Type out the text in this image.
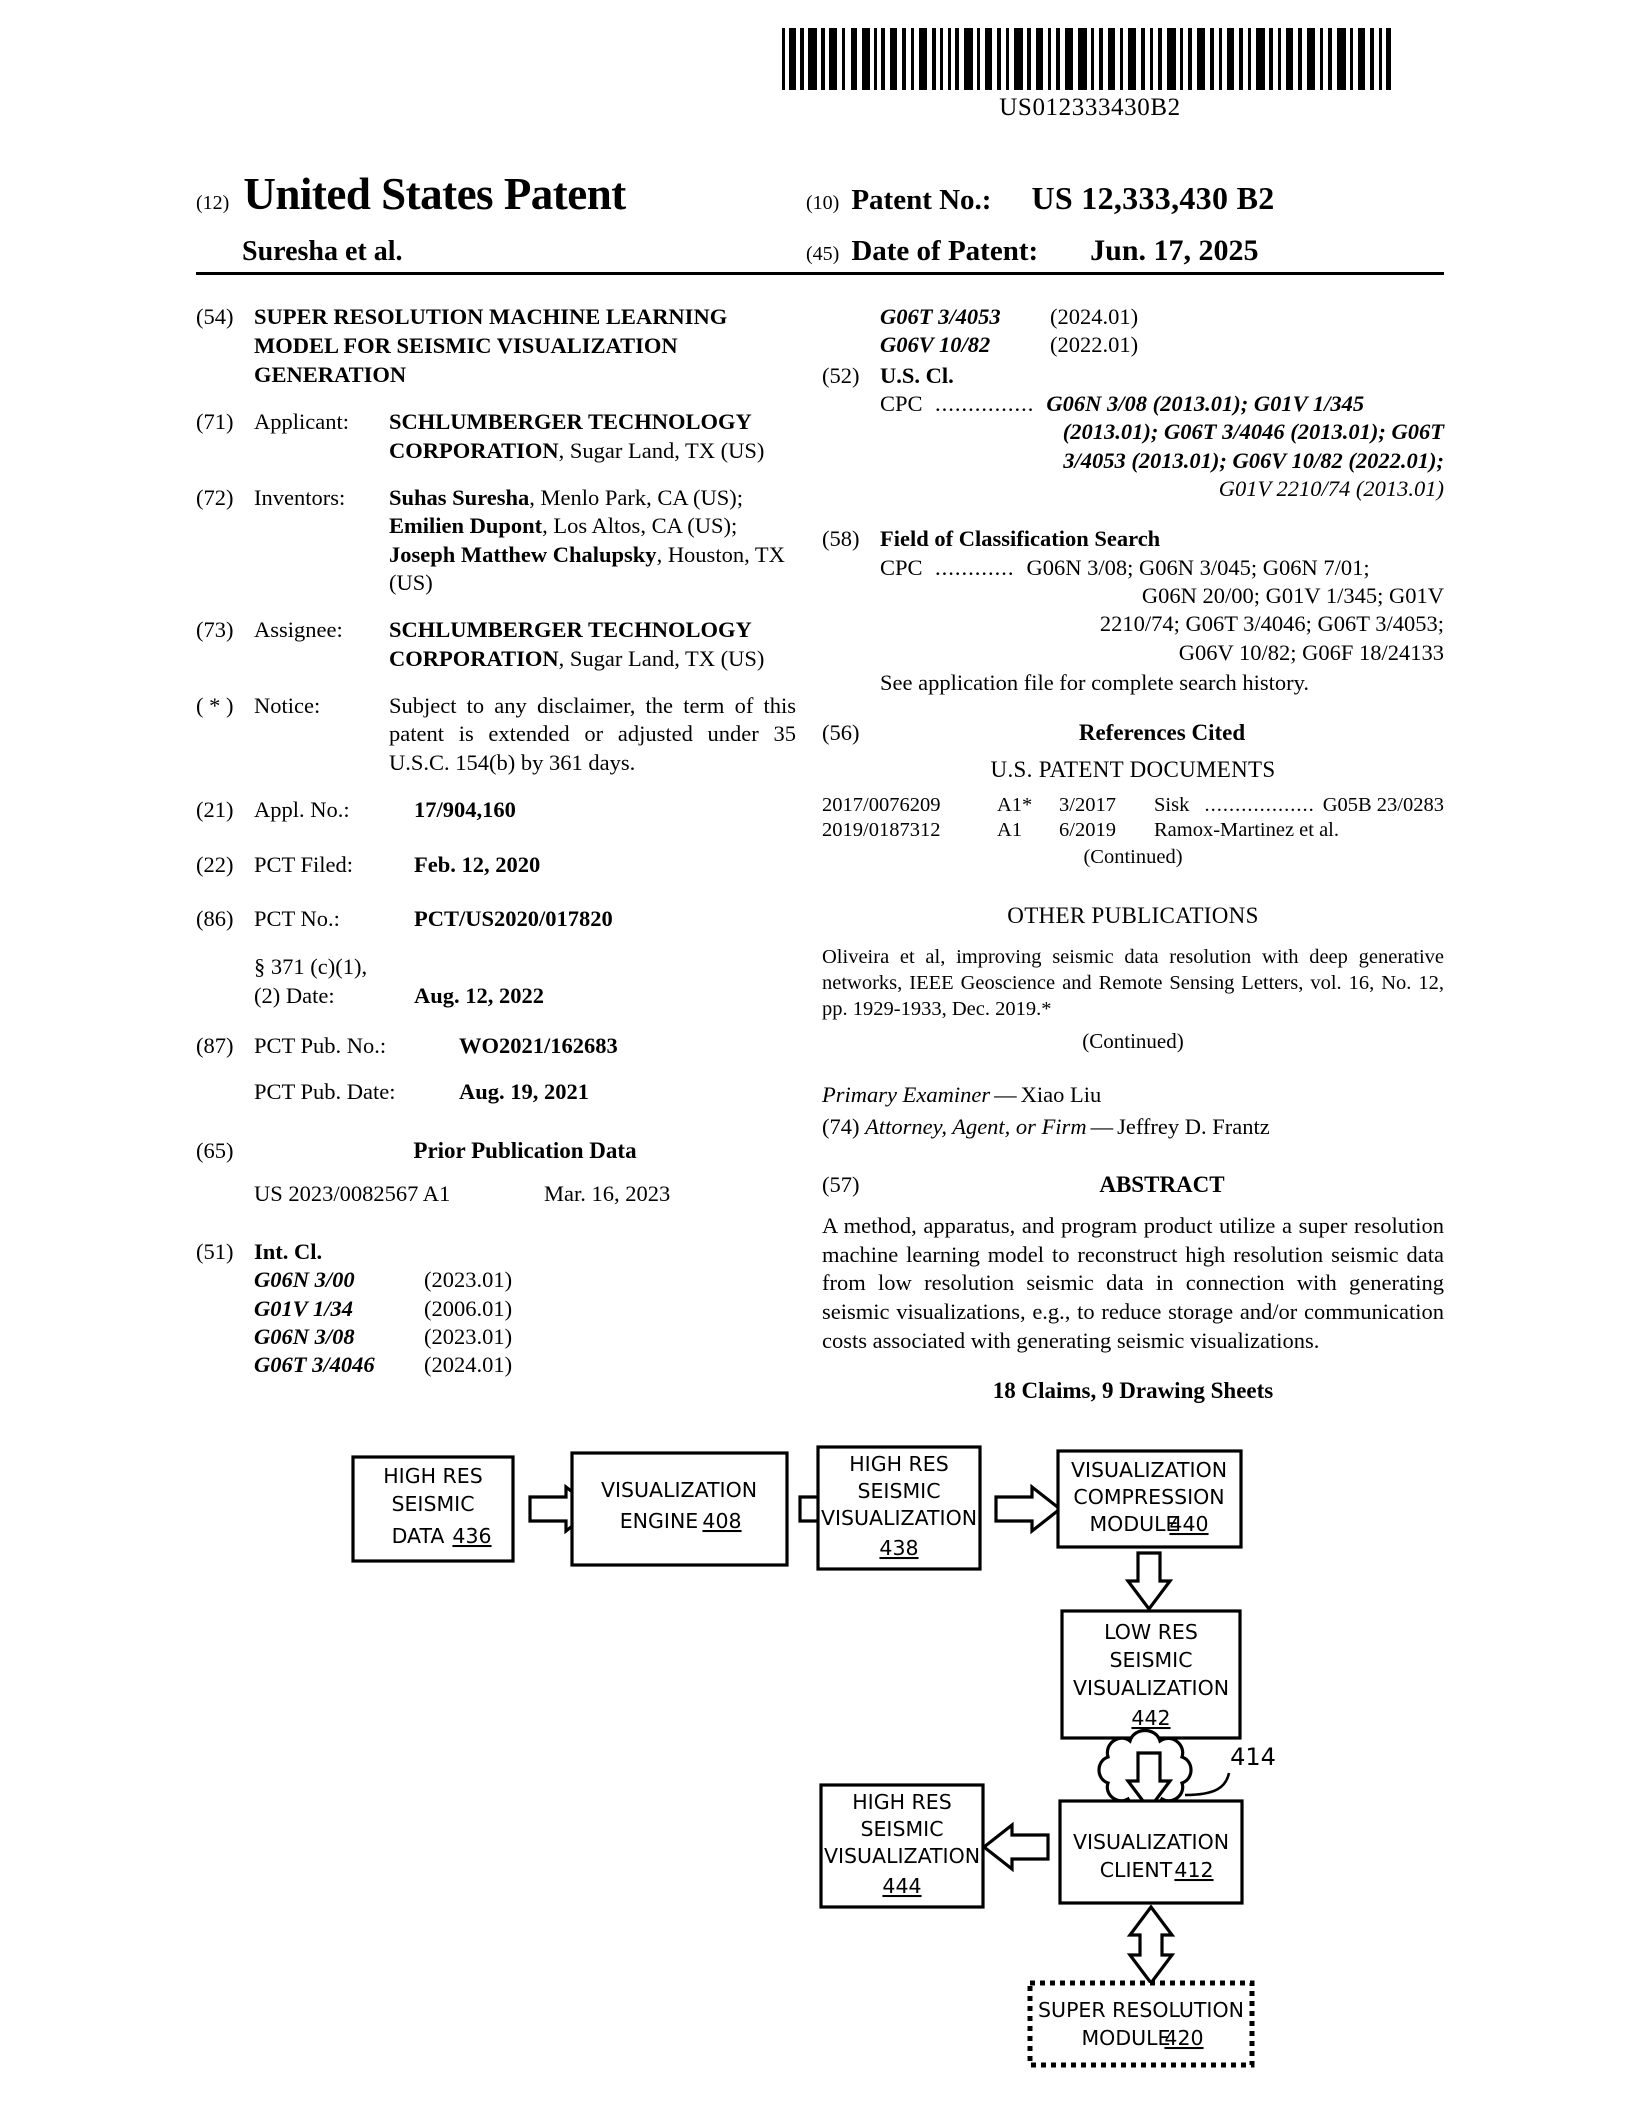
US012333430B2
(12) United States Patent	(10) Patent No.: US 12,333,430 B2
Suresha et al.	(45) Date of Patent: Jun. 17, 2025
(54) SUPER RESOLUTION MACHINE LEARNING MODEL FOR SEISMIC VISUALIZATION GENERATION
(71) Applicant:	SCHLUMBERGER TECHNOLOGY CORPORATION, Sugar Land, TX (US)
(72) Inventors:	Suhas Suresha, Menlo Park, CA (US);
Emilien Dupont, Los Altos, CA (US);
Joseph Matthew Chalupsky, Houston, TX (US)
(73) Assignee:	SCHLUMBERGER TECHNOLOGY CORPORATION, Sugar Land, TX (US)
( * ) Notice:	Subject to any disclaimer, the term of this patent is extended or adjusted under 35 U.S.C. 154(b) by 361 days.
(21) Appl. No.:	17/904,160
(22) PCT Filed:	Feb. 12, 2020
(86) PCT No.:	PCT/US2020/017820
§ 371 (c)(1),
(2) Date:	Aug. 12, 2022
(87) PCT Pub. No.:	WO2021/162683
PCT Pub. Date:	Aug. 19, 2021
(65)	Prior Publication Data
US 2023/0082567 A1	Mar. 16, 2023
(51) Int. Cl.
G06N 3/00	(2023.01)
G01V 1/34	(2006.01)
G06N 3/08	(2023.01)
G06T 3/4046	(2024.01)
G06T 3/4053	(2024.01)
G06V 10/82	(2022.01)
(52) U.S. Cl.
CPC ............... G06N 3/08 (2013.01); G01V 1/345
(2013.01); G06T 3/4046 (2013.01); G06T
3/4053 (2013.01); G06V 10/82 (2022.01);
G01V 2210/74 (2013.01)
(58) Field of Classification Search
CPC ............ G06N 3/08; G06N 3/045; G06N 7/01;
G06N 20/00; G01V 1/345; G01V
2210/74; G06T 3/4046; G06T 3/4053;
G06V 10/82; G06F 18/24133
See application file for complete search history.
(56)	References Cited
U.S. PATENT DOCUMENTS
2017/0076209	A1*	3/2017	Sisk .................. G05B 23/0283
2019/0187312	A1	6/2019	Ramox-Martinez et al.
(Continued)
OTHER PUBLICATIONS
Oliveira et al, improving seismic data resolution with deep generative networks, IEEE Geoscience and Remote Sensing Letters, vol. 16, No. 12, pp. 1929-1933, Dec. 2019.*
(Continued)
Primary Examiner — Xiao Liu
(74) Attorney, Agent, or Firm — Jeffrey D. Frantz
(57)	ABSTRACT
A method, apparatus, and program product utilize a super resolution machine learning model to reconstruct high resolution seismic data from low resolution seismic data in connection with generating seismic visualizations, e.g., to reduce storage and/or communication costs associated with generating seismic visualizations.
18 Claims, 9 Drawing Sheets
HIGH RES
SEISMIC
DATA 436
VISUALIZATION
ENGINE 408
HIGH RES
SEISMIC
VISUALIZATION
438
VISUALIZATION
COMPRESSION
MODULE
440
LOW RES
SEISMIC
VISUALIZATION
442
414
VISUALIZATION
CLIENT 412
HIGH RES
SEISMIC
VISUALIZATION
444
SUPER RESOLUTION
MODULE
420
